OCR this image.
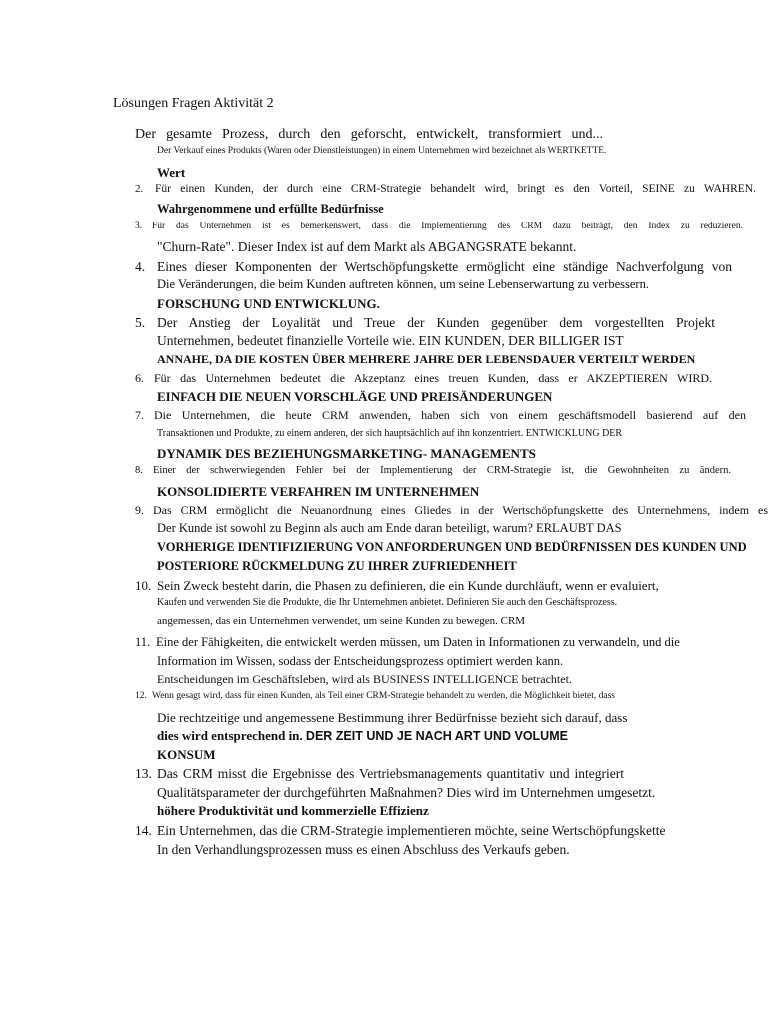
Lösungen Fragen Aktivität 2
Der gesamte Prozess, durch den geforscht, entwickelt, transformiert und...
Der Verkauf eines Produkts (Waren oder Dienstleistungen) in einem Unternehmen wird bezeichnet als WERTKETTE.
Wert
2. Für einen Kunden, der durch eine CRM-Strategie behandelt wird, bringt es den Vorteil, SEINE zu WAHREN.
Wahrgenommene und erfüllte Bedürfnisse
3. Für das Unternehmen ist es bemerkenswert, dass die Implementierung des CRM dazu beiträgt, den Index zu reduzieren.
"Churn-Rate". Dieser Index ist auf dem Markt als ABGANGSRATE bekannt.
4. Eines dieser Komponenten der Wertschöpfungskette ermöglicht eine ständige Nachverfolgung von
Die Veränderungen, die beim Kunden auftreten können, um seine Lebenserwartung zu verbessern.
FORSCHUNG UND ENTWICKLUNG.
5. Der Anstieg der Loyalität und Treue der Kunden gegenüber dem vorgestellten Projekt
Unternehmen, bedeutet finanzielle Vorteile wie. EIN KUNDEN, DER BILLIGER IST
ANNAHE, DA DIE KOSTEN ÜBER MEHRERE JAHRE DER LEBENSDAUER VERTEILT WERDEN
6. Für das Unternehmen bedeutet die Akzeptanz eines treuen Kunden, dass er AKZEPTIEREN WIRD.
EINFACH DIE NEUEN VORSCHLÄGE UND PREISÄNDERUNGEN
7. Die Unternehmen, die heute CRM anwenden, haben sich von einem geschäftsmodell basierend auf den
Transaktionen und Produkte, zu einem anderen, der sich hauptsächlich auf ihn konzentriert. ENTWICKLUNG DER
DYNAMIK DES BEZIEHUNGSMARKETING- MANAGEMENTS
8. Einer der schwerwiegenden Fehler bei der Implementierung der CRM-Strategie ist, die Gewohnheiten zu ändern.
KONSOLIDIERTE VERFAHREN IM UNTERNEHMEN
9. Das CRM ermöglicht die Neuanordnung eines Gliedes in der Wertschöpfungskette des Unternehmens, indem es
Der Kunde ist sowohl zu Beginn als auch am Ende daran beteiligt, warum? ERLAUBT DAS
VORHERIGE IDENTIFIZIERUNG VON ANFORDERUNGEN UND BEDÜRFNISSEN DES KUNDEN UND
POSTERIORE RÜCKMELDUNG ZU IHRER ZUFRIEDENHEIT
10. Sein Zweck besteht darin, die Phasen zu definieren, die ein Kunde durchläuft, wenn er evaluiert,
Kaufen und verwenden Sie die Produkte, die Ihr Unternehmen anbietet. Definieren Sie auch den Geschäftsprozess.
angemessen, das ein Unternehmen verwendet, um seine Kunden zu bewegen. CRM
11. Eine der Fähigkeiten, die entwickelt werden müssen, um Daten in Informationen zu verwandeln, und die
Information im Wissen, sodass der Entscheidungsprozess optimiert werden kann.
Entscheidungen im Geschäftsleben, wird als BUSINESS INTELLIGENCE betrachtet.
12. Wenn gesagt wird, dass für einen Kunden, als Teil einer CRM-Strategie behandelt zu werden, die Möglichkeit bietet, dass
Die rechtzeitige und angemessene Bestimmung ihrer Bedürfnisse bezieht sich darauf, dass
dies wird entsprechend in. DER ZEIT UND JE NACH ART UND VOLUME
KONSUM
13. Das CRM misst die Ergebnisse des Vertriebsmanagements quantitativ und integriert
Qualitätsparameter der durchgeführten Maßnahmen? Dies wird im Unternehmen umgesetzt.
höhere Produktivität und kommerzielle Effizienz
14. Ein Unternehmen, das die CRM-Strategie implementieren möchte, seine Wertschöpfungskette
In den Verhandlungsprozessen muss es einen Abschluss des Verkaufs geben.
